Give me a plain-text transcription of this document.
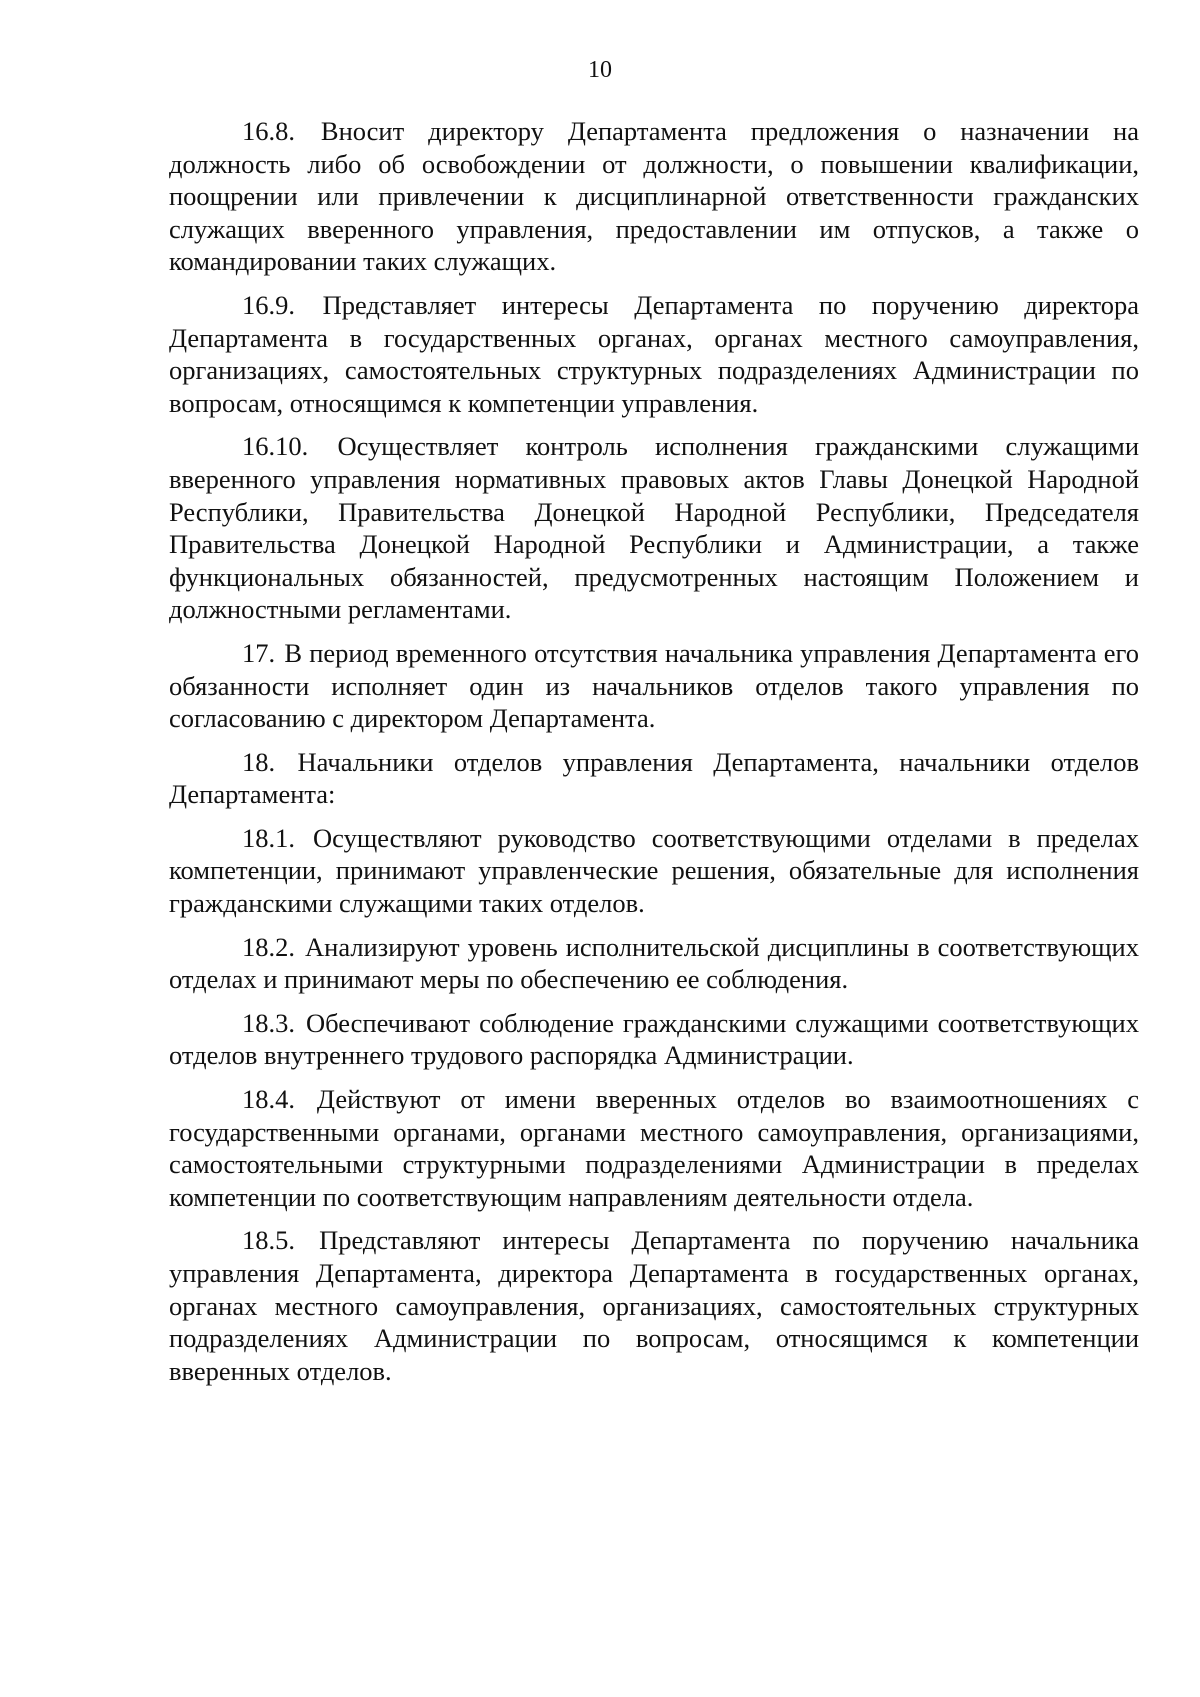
10

16.8. Вносит директору Департамента предложения о назначении на должность либо об освобождении от должности, о повышении квалификации, поощрении или привлечении к дисциплинарной ответственности гражданских служащих вверенного управления, предоставлении им отпусков, а также о командировании таких служащих.

16.9. Представляет интересы Департамента по поручению директора Департамента в государственных органах, органах местного самоуправления, организациях, самостоятельных структурных подразделениях Администрации по вопросам, относящимся к компетенции управления.

16.10. Осуществляет контроль исполнения гражданскими служащими вверенного управления нормативных правовых актов Главы Донецкой Народной Республики, Правительства Донецкой Народной Республики, Председателя Правительства Донецкой Народной Республики и Администрации, а также функциональных обязанностей, предусмотренных настоящим Положением и должностными регламентами.

17. В период временного отсутствия начальника управления Департамента его обязанности исполняет один из начальников отделов такого управления по согласованию с директором Департамента.

18. Начальники отделов управления Департамента, начальники отделов Департамента:

18.1. Осуществляют руководство соответствующими отделами в пределах компетенции, принимают управленческие решения, обязательные для исполнения гражданскими служащими таких отделов.

18.2. Анализируют уровень исполнительской дисциплины в соответствующих отделах и принимают меры по обеспечению ее соблюдения.

18.3. Обеспечивают соблюдение гражданскими служащими соответствующих отделов внутреннего трудового распорядка Администрации.

18.4. Действуют от имени вверенных отделов во взаимоотношениях с государственными органами, органами местного самоуправления, организациями, самостоятельными структурными подразделениями Администрации в пределах компетенции по соответствующим направлениям деятельности отдела.

18.5. Представляют интересы Департамента по поручению начальника управления Департамента, директора Департамента в государственных органах, органах местного самоуправления, организациях, самостоятельных структурных подразделениях Администрации по вопросам, относящимся к компетенции вверенных отделов.
